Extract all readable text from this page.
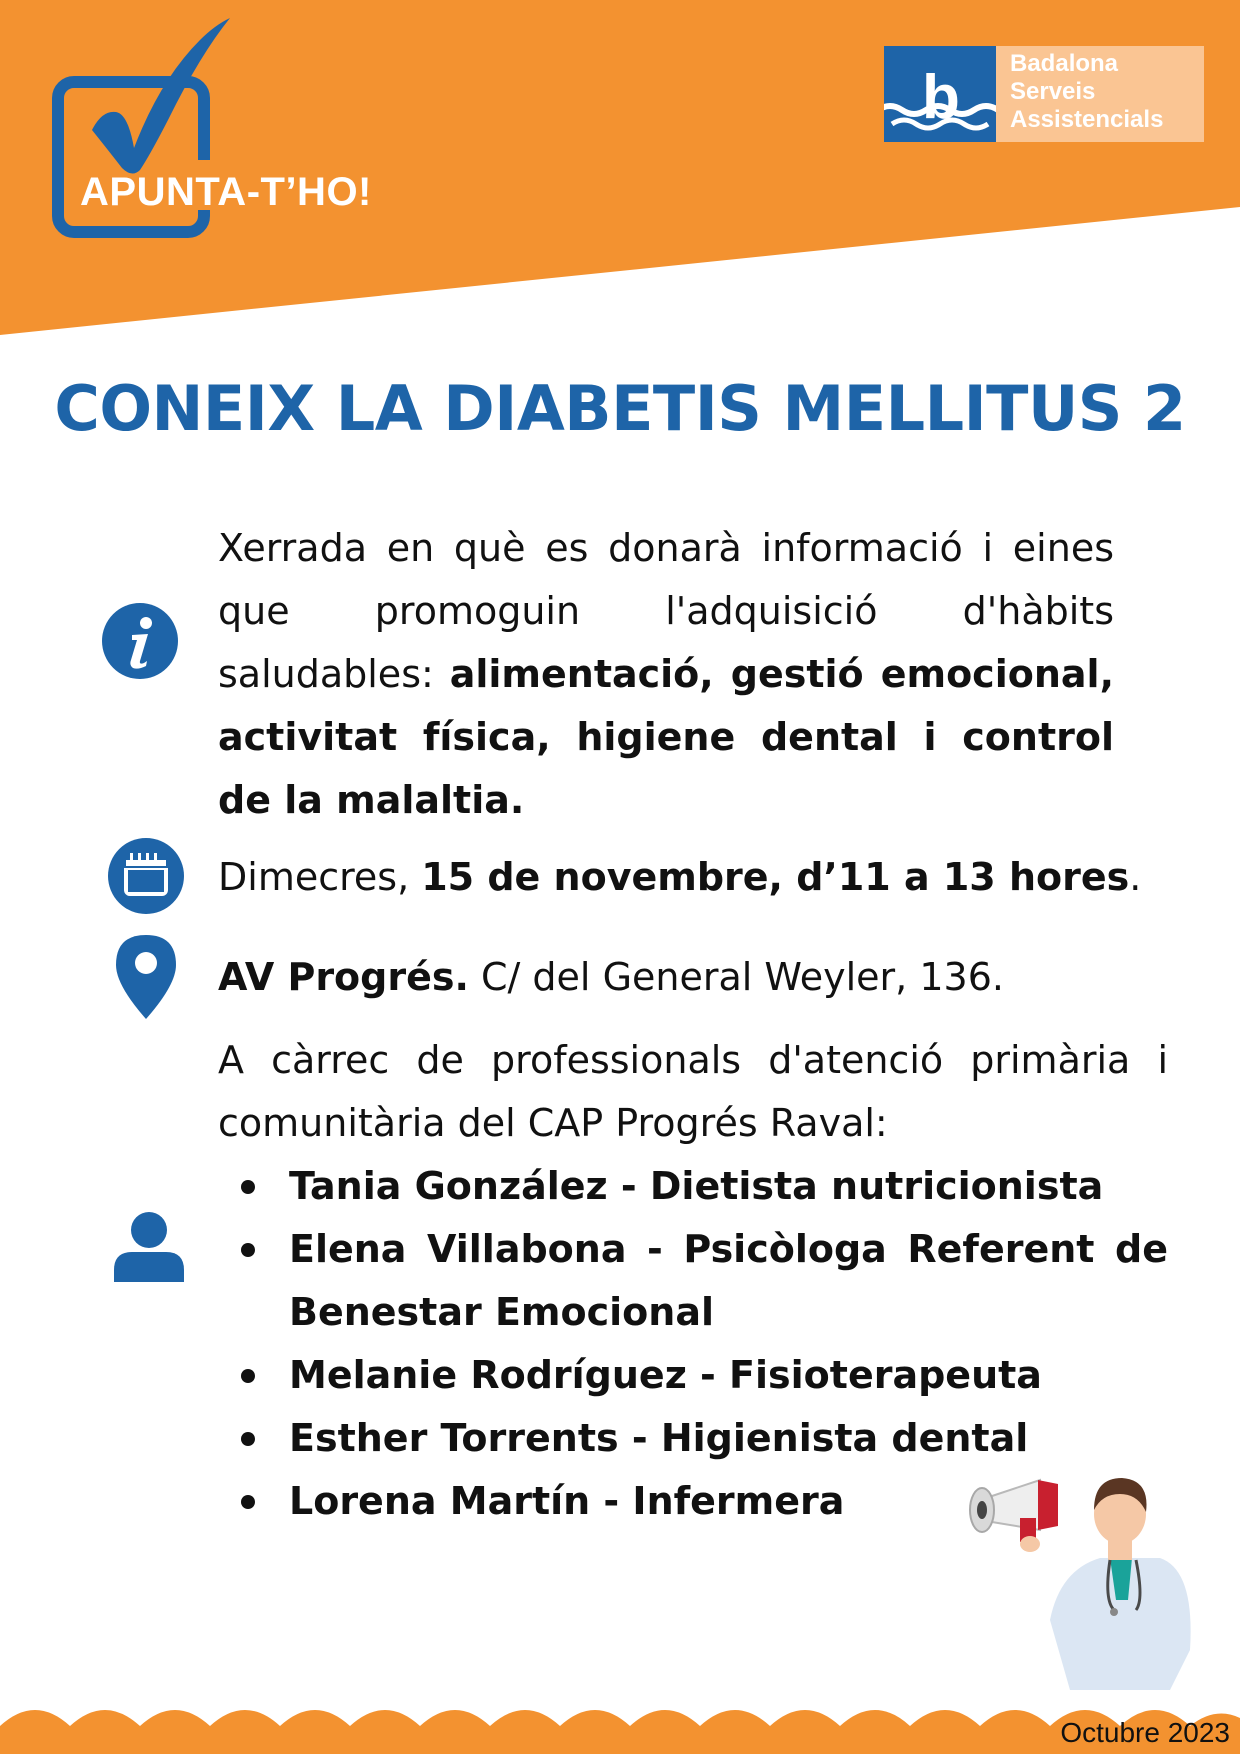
APUNTA-T’HO!
b Badalona
Serveis
Assistencials
CONEIX LA DIABETIS MELLITUS 2
Xerrada en què es donarà informació i eines que promoguin l'adquisició d'hàbits saludables: alimentació, gestió emocional, activitat física, higiene dental i control de la malaltia.
Dimecres, 15 de novembre, d’11 a 13 hores.
AV Progrés. C/ del General Weyler, 136.
A càrrec de professionals d'atenció primària i comunitària del CAP Progrés Raval:
Tania González - Dietista nutricionista
Elena Villabona - Psicòloga Referent de Benestar Emocional
Melanie Rodríguez - Fisioterapeuta
Esther Torrents - Higienista dental
Lorena Martín - Infermera
Octubre 2023
